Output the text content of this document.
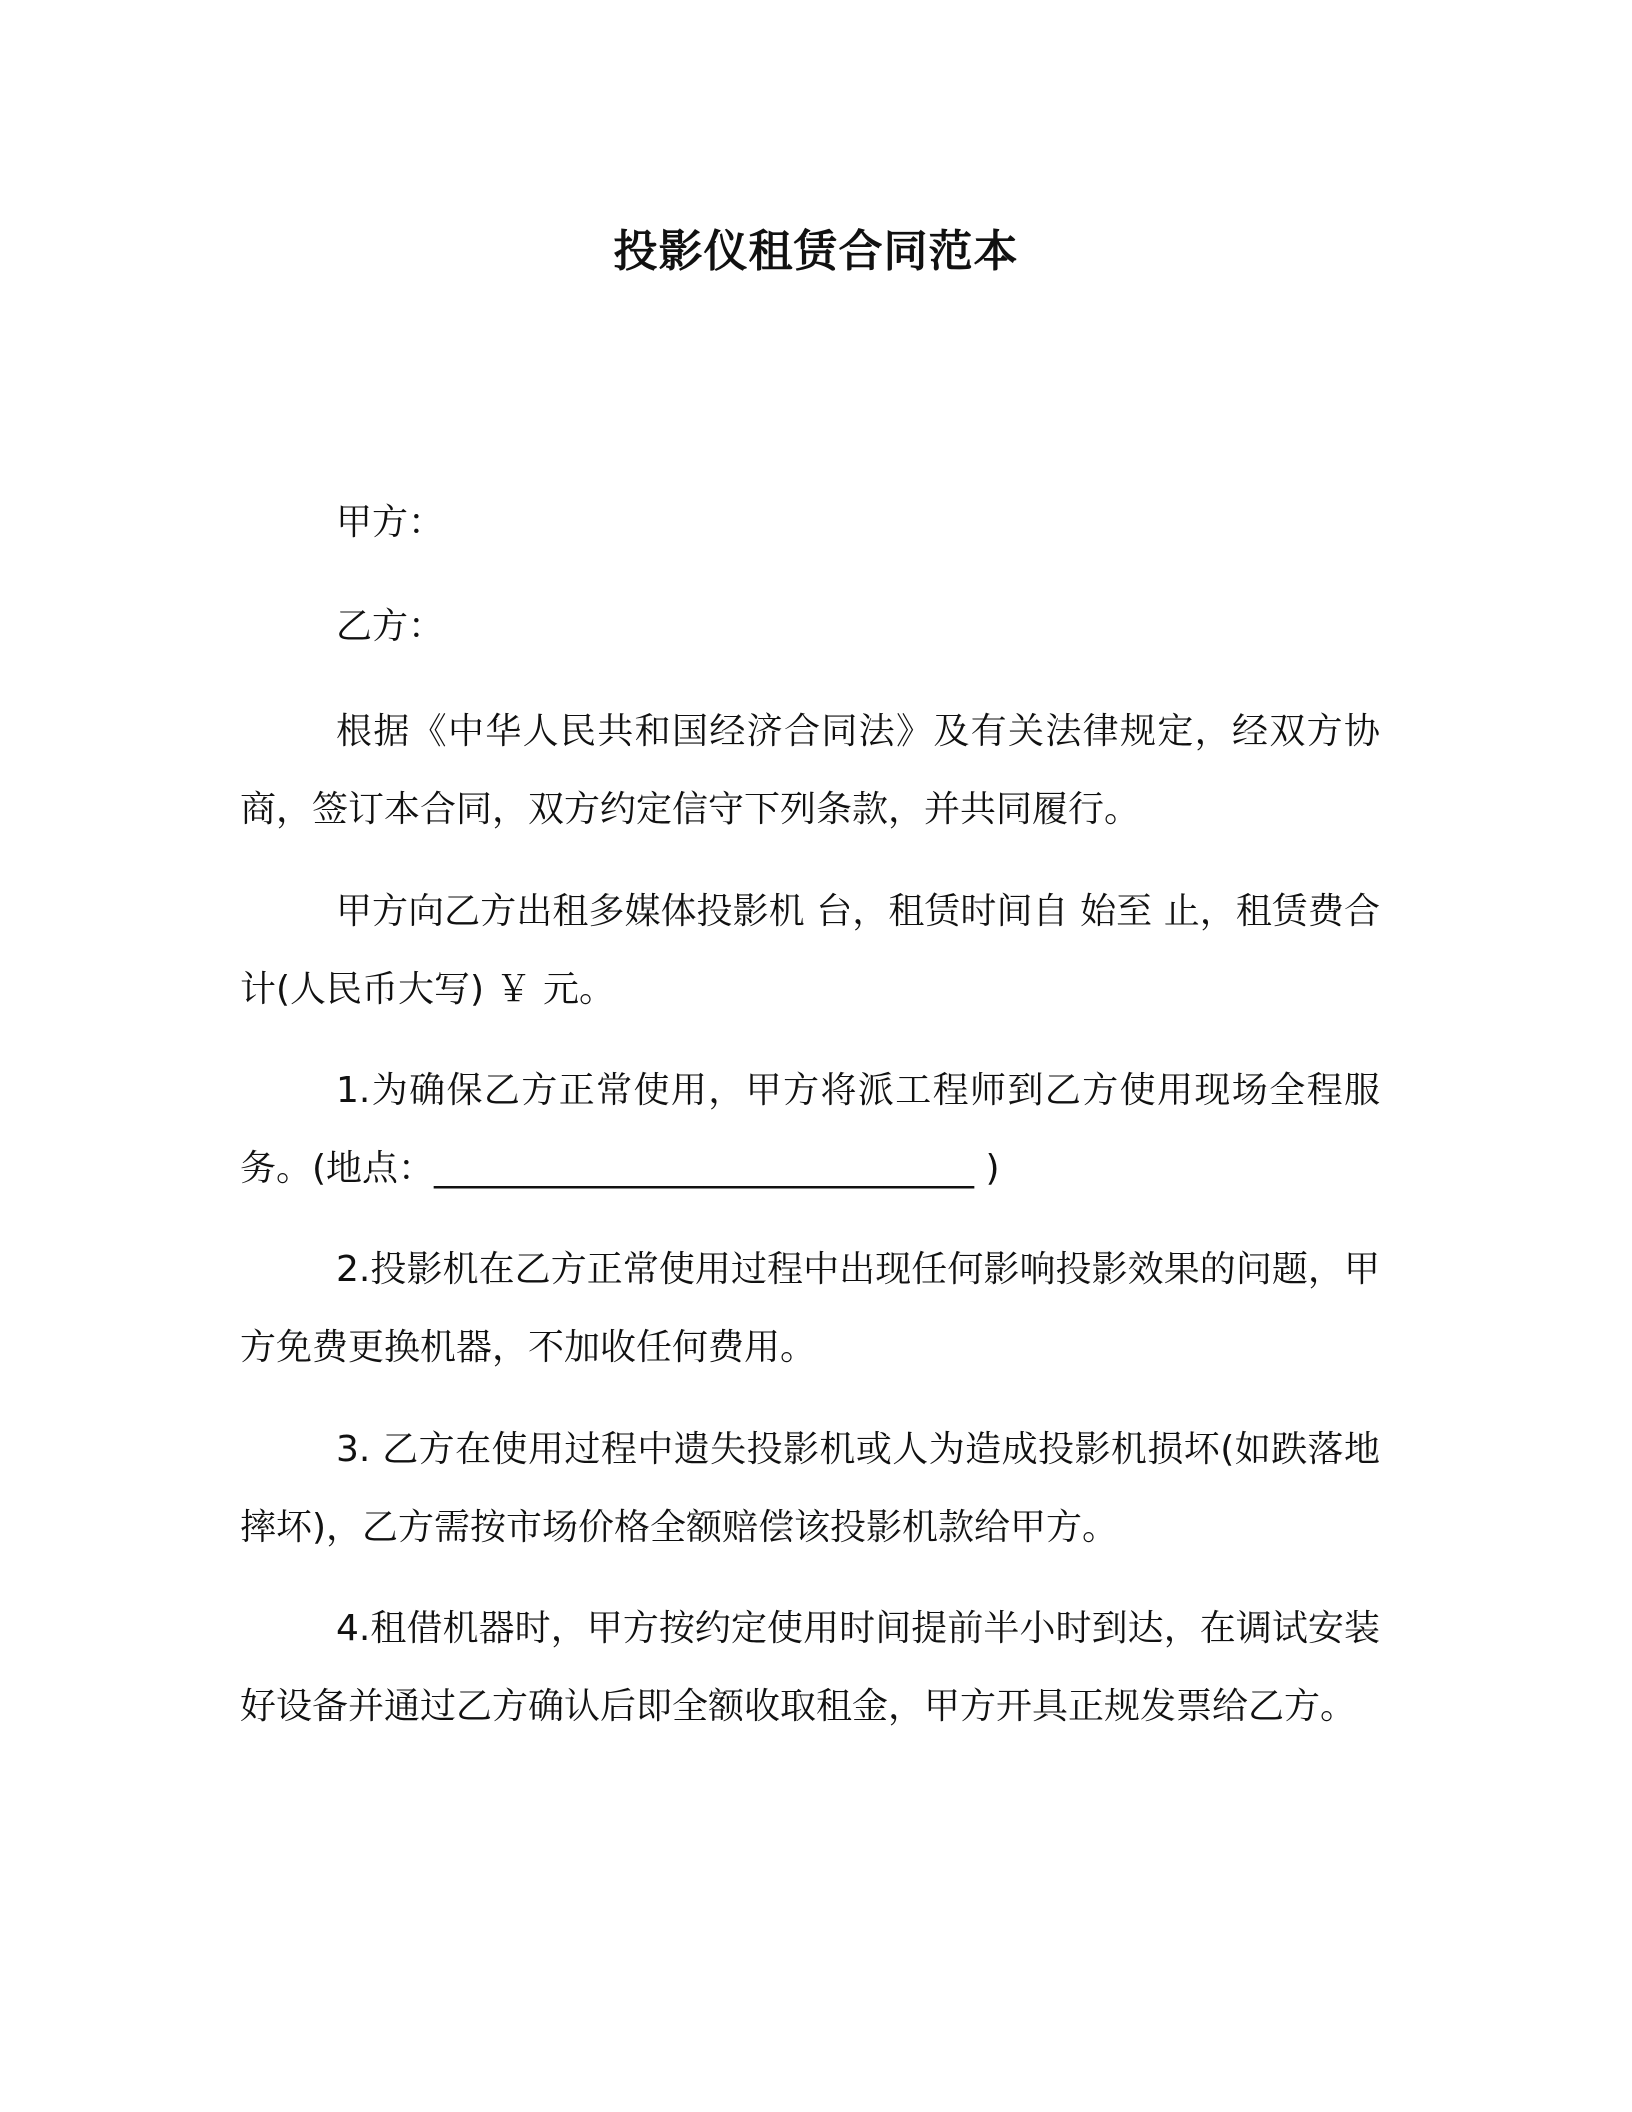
投影仪租赁合同范本

甲方：

乙方：

根据《中华人民共和国经济合同法》及有关法律规定，经双方协商，签订本合同，双方约定信守下列条款，并共同履行。

甲方向乙方出租多媒体投影机 台，租赁时间自 始至 止，租赁费合计(人民币大写) ￥ 元。

1.为确保乙方正常使用，甲方将派工程师到乙方使用现场全程服务。(地点：______________________________ )

2.投影机在乙方正常使用过程中出现任何影响投影效果的问题，甲方免费更换机器，不加收任何费用。

3. 乙方在使用过程中遗失投影机或人为造成投影机损坏(如跌落地摔坏)，乙方需按市场价格全额赔偿该投影机款给甲方。

4.租借机器时，甲方按约定使用时间提前半小时到达，在调试安装好设备并通过乙方确认后即全额收取租金，甲方开具正规发票给乙方。
